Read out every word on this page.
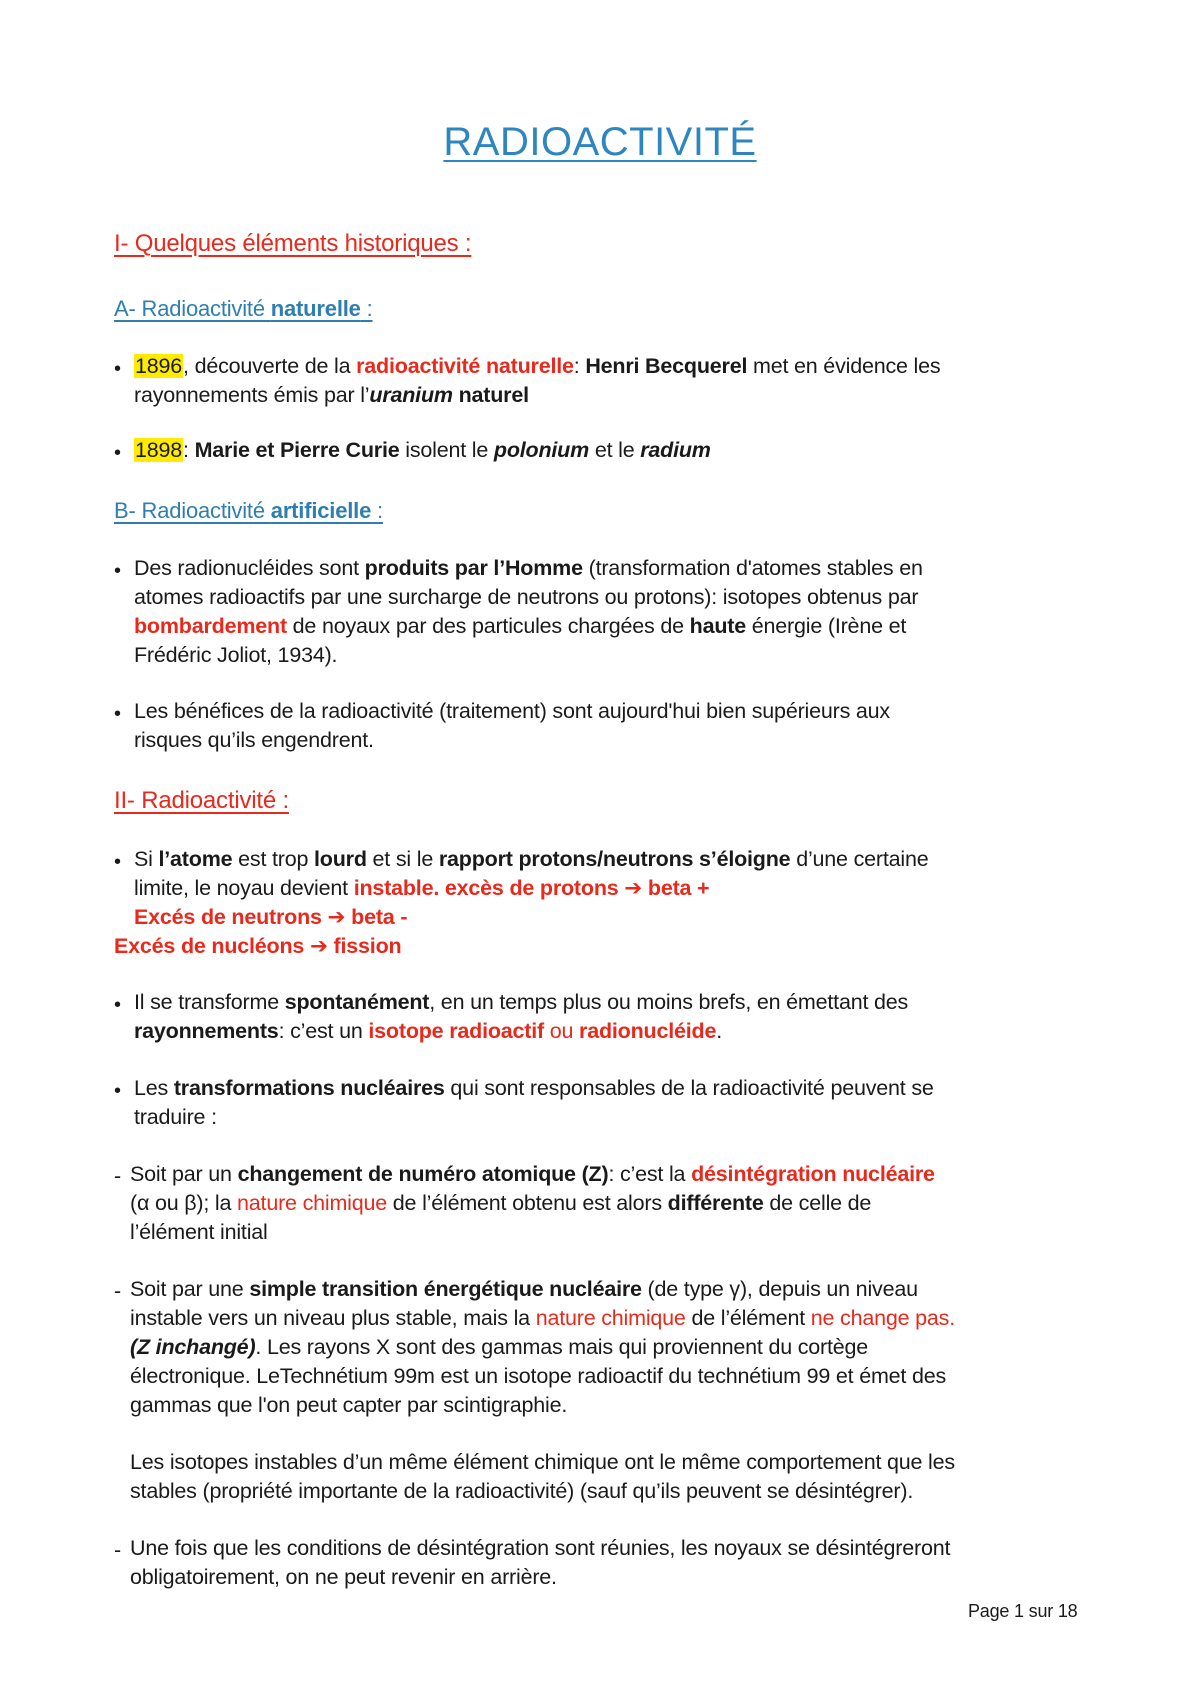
RADIOACTIVITÉ
I- Quelques éléments historiques :
A- Radioactivité naturelle :
• 1896, découverte de la radioactivité naturelle: Henri Becquerel met en évidence les
rayonnements émis par l’uranium naturel
• 1898: Marie et Pierre Curie isolent le polonium et le radium
B- Radioactivité artificielle :
• Des radionucléides sont produits par l’Homme (transformation d'atomes stables en
atomes radioactifs par une surcharge de neutrons ou protons): isotopes obtenus par
bombardement de noyaux par des particules chargées de haute énergie (Irène et
Frédéric Joliot, 1934).
• Les bénéfices de la radioactivité (traitement) sont aujourd'hui bien supérieurs aux
risques qu’ils engendrent.
II- Radioactivité :
• Si l’atome est trop lourd et si le rapport protons/neutrons s’éloigne d’une certaine
limite, le noyau devient instable. excès de protons ➔ beta +
Excés de neutrons ➔ beta -
Excés de nucléons ➔ fission
• Il se transforme spontanément, en un temps plus ou moins brefs, en émettant des
rayonnements: c’est un isotope radioactif ou radionucléide.
• Les transformations nucléaires qui sont responsables de la radioactivité peuvent se
traduire :
- Soit par un changement de numéro atomique (Z): c’est la désintégration nucléaire
(α ou β); la nature chimique de l’élément obtenu est alors différente de celle de
l’élément initial
- Soit par une simple transition énergétique nucléaire (de type γ), depuis un niveau
instable vers un niveau plus stable, mais la nature chimique de l’élément ne change pas.
(Z inchangé). Les rayons X sont des gammas mais qui proviennent du cortège
électronique. LeTechnétium 99m est un isotope radioactif du technétium 99 et émet des
gammas que l'on peut capter par scintigraphie.
Les isotopes instables d’un même élément chimique ont le même comportement que les
stables (propriété importante de la radioactivité) (sauf qu’ils peuvent se désintégrer).
- Une fois que les conditions de désintégration sont réunies, les noyaux se désintégreront
obligatoirement, on ne peut revenir en arrière.
Page 1 sur 18
